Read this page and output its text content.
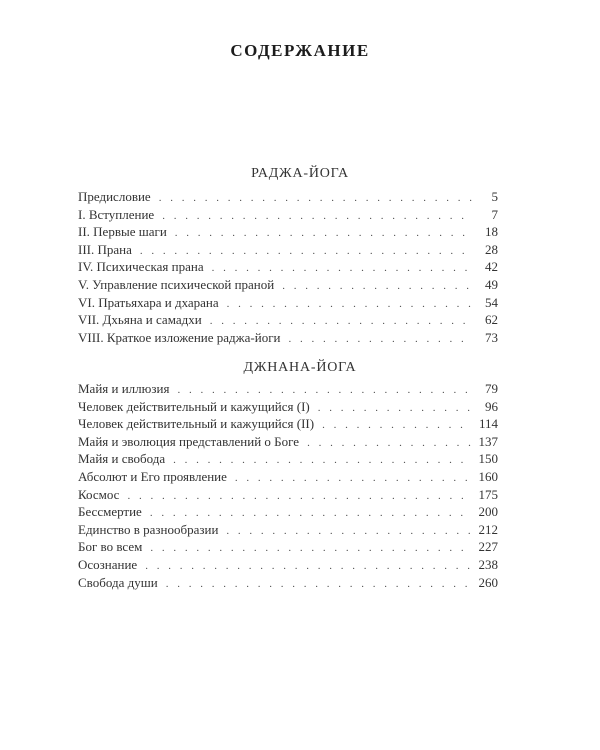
СОДЕРЖАНИЕ
РАДЖА-ЙОГА
Предисловие . . .	5
I. Вступление . . .	7
II. Первые шаги . . .	18
III. Прана . . .	28
IV. Психическая прана . . .	42
V. Управление психической праной . . .	49
VI. Пратьяхара и дхарана . . .	54
VII. Дхьяна и самадхи . . .	62
VIII. Краткое изложение раджа-йоги . . .	73
ДЖНАНА-ЙОГА
Майя и иллюзия . . .	79
Человек действительный и кажущийся (I) . . .	96
Человек действительный и кажущийся (II) . . .	114
Майя и эволюция представлений о Боге . . .	137
Майя и свобода . . .	150
Абсолют и Его проявление . . .	160
Космос . . .	175
Бессмертие . . .	200
Единство в разнообразии . . .	212
Бог во всем . . .	227
Осознание . . .	238
Свобода души . . .	260
